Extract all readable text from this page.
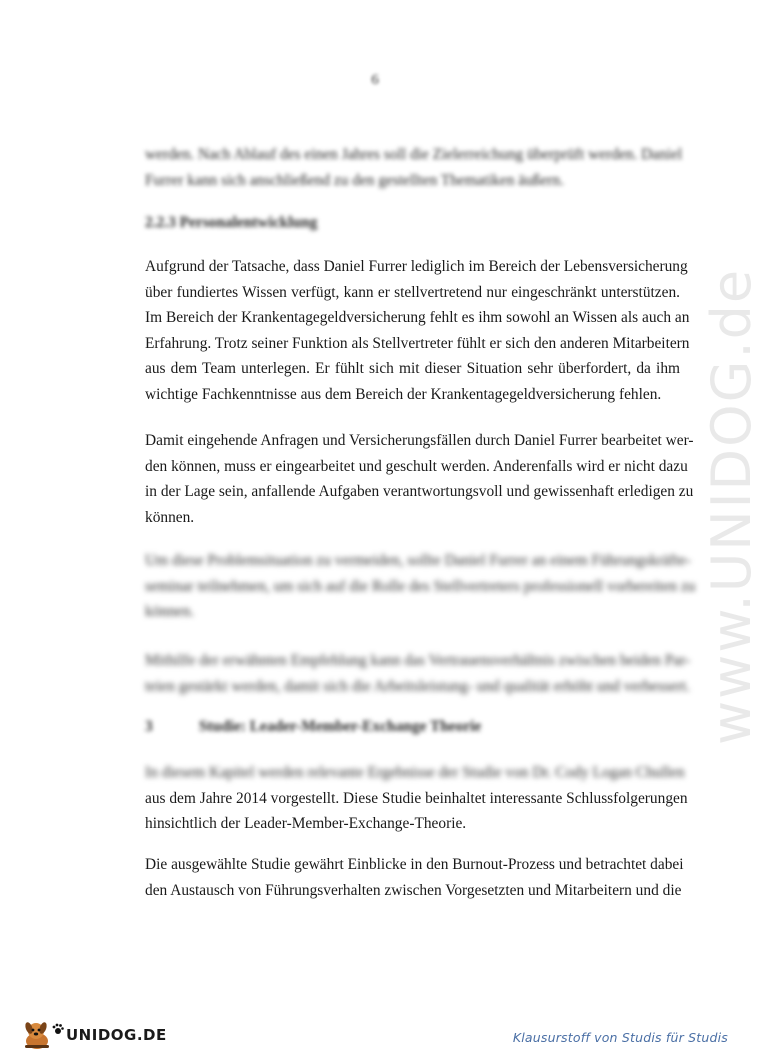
6
werden. Nach Ablauf des einen Jahres soll die Zielerreichung überprüft werden. Daniel
Furrer kann sich anschließend zu den gestellten Thematiken äußern.
2.2.3 Personalentwicklung
Aufgrund der Tatsache, dass Daniel Furrer lediglich im Bereich der Lebensversicherung
über fundiertes Wissen verfügt, kann er stellvertretend nur eingeschränkt unterstützen.
Im Bereich der Krankentagegeldversicherung fehlt es ihm sowohl an Wissen als auch an
Erfahrung. Trotz seiner Funktion als Stellvertreter fühlt er sich den anderen Mitarbeitern
aus dem Team unterlegen. Er fühlt sich mit dieser Situation sehr überfordert, da ihm
wichtige Fachkenntnisse aus dem Bereich der Krankentagegeldversicherung fehlen.
Damit eingehende Anfragen und Versicherungsfällen durch Daniel Furrer bearbeitet wer-
den können, muss er eingearbeitet und geschult werden. Anderenfalls wird er nicht dazu
in der Lage sein, anfallende Aufgaben verantwortungsvoll und gewissenhaft erledigen zu
können.
Um diese Problemsituation zu vermeiden, sollte Daniel Furrer an einem Führungskräfte-
seminar teilnehmen, um sich auf die Rolle des Stellvertreters professionell vorbereiten zu
können.
Mithilfe der erwähnten Empfehlung kann das Vertrauensverhältnis zwischen beiden Par-
teien gestärkt werden, damit sich die Arbeitsleistung- und qualität erhöht und verbessert.
3	Studie: Leader-Member-Exchange Theorie
In diesem Kapitel werden relevante Ergebnisse der Studie von Dr. Cody Logan Chullen
aus dem Jahre 2014 vorgestellt. Diese Studie beinhaltet interessante Schlussfolgerungen
hinsichtlich der Leader-Member-Exchange-Theorie.
Die ausgewählte Studie gewährt Einblicke in den Burnout-Prozess und betrachtet dabei
den Austausch von Führungsverhalten zwischen Vorgesetzten und Mitarbeitern und die
www.UNIDOG.de
UNIDOG.DE	Klausurstoff von Studis für Studis
